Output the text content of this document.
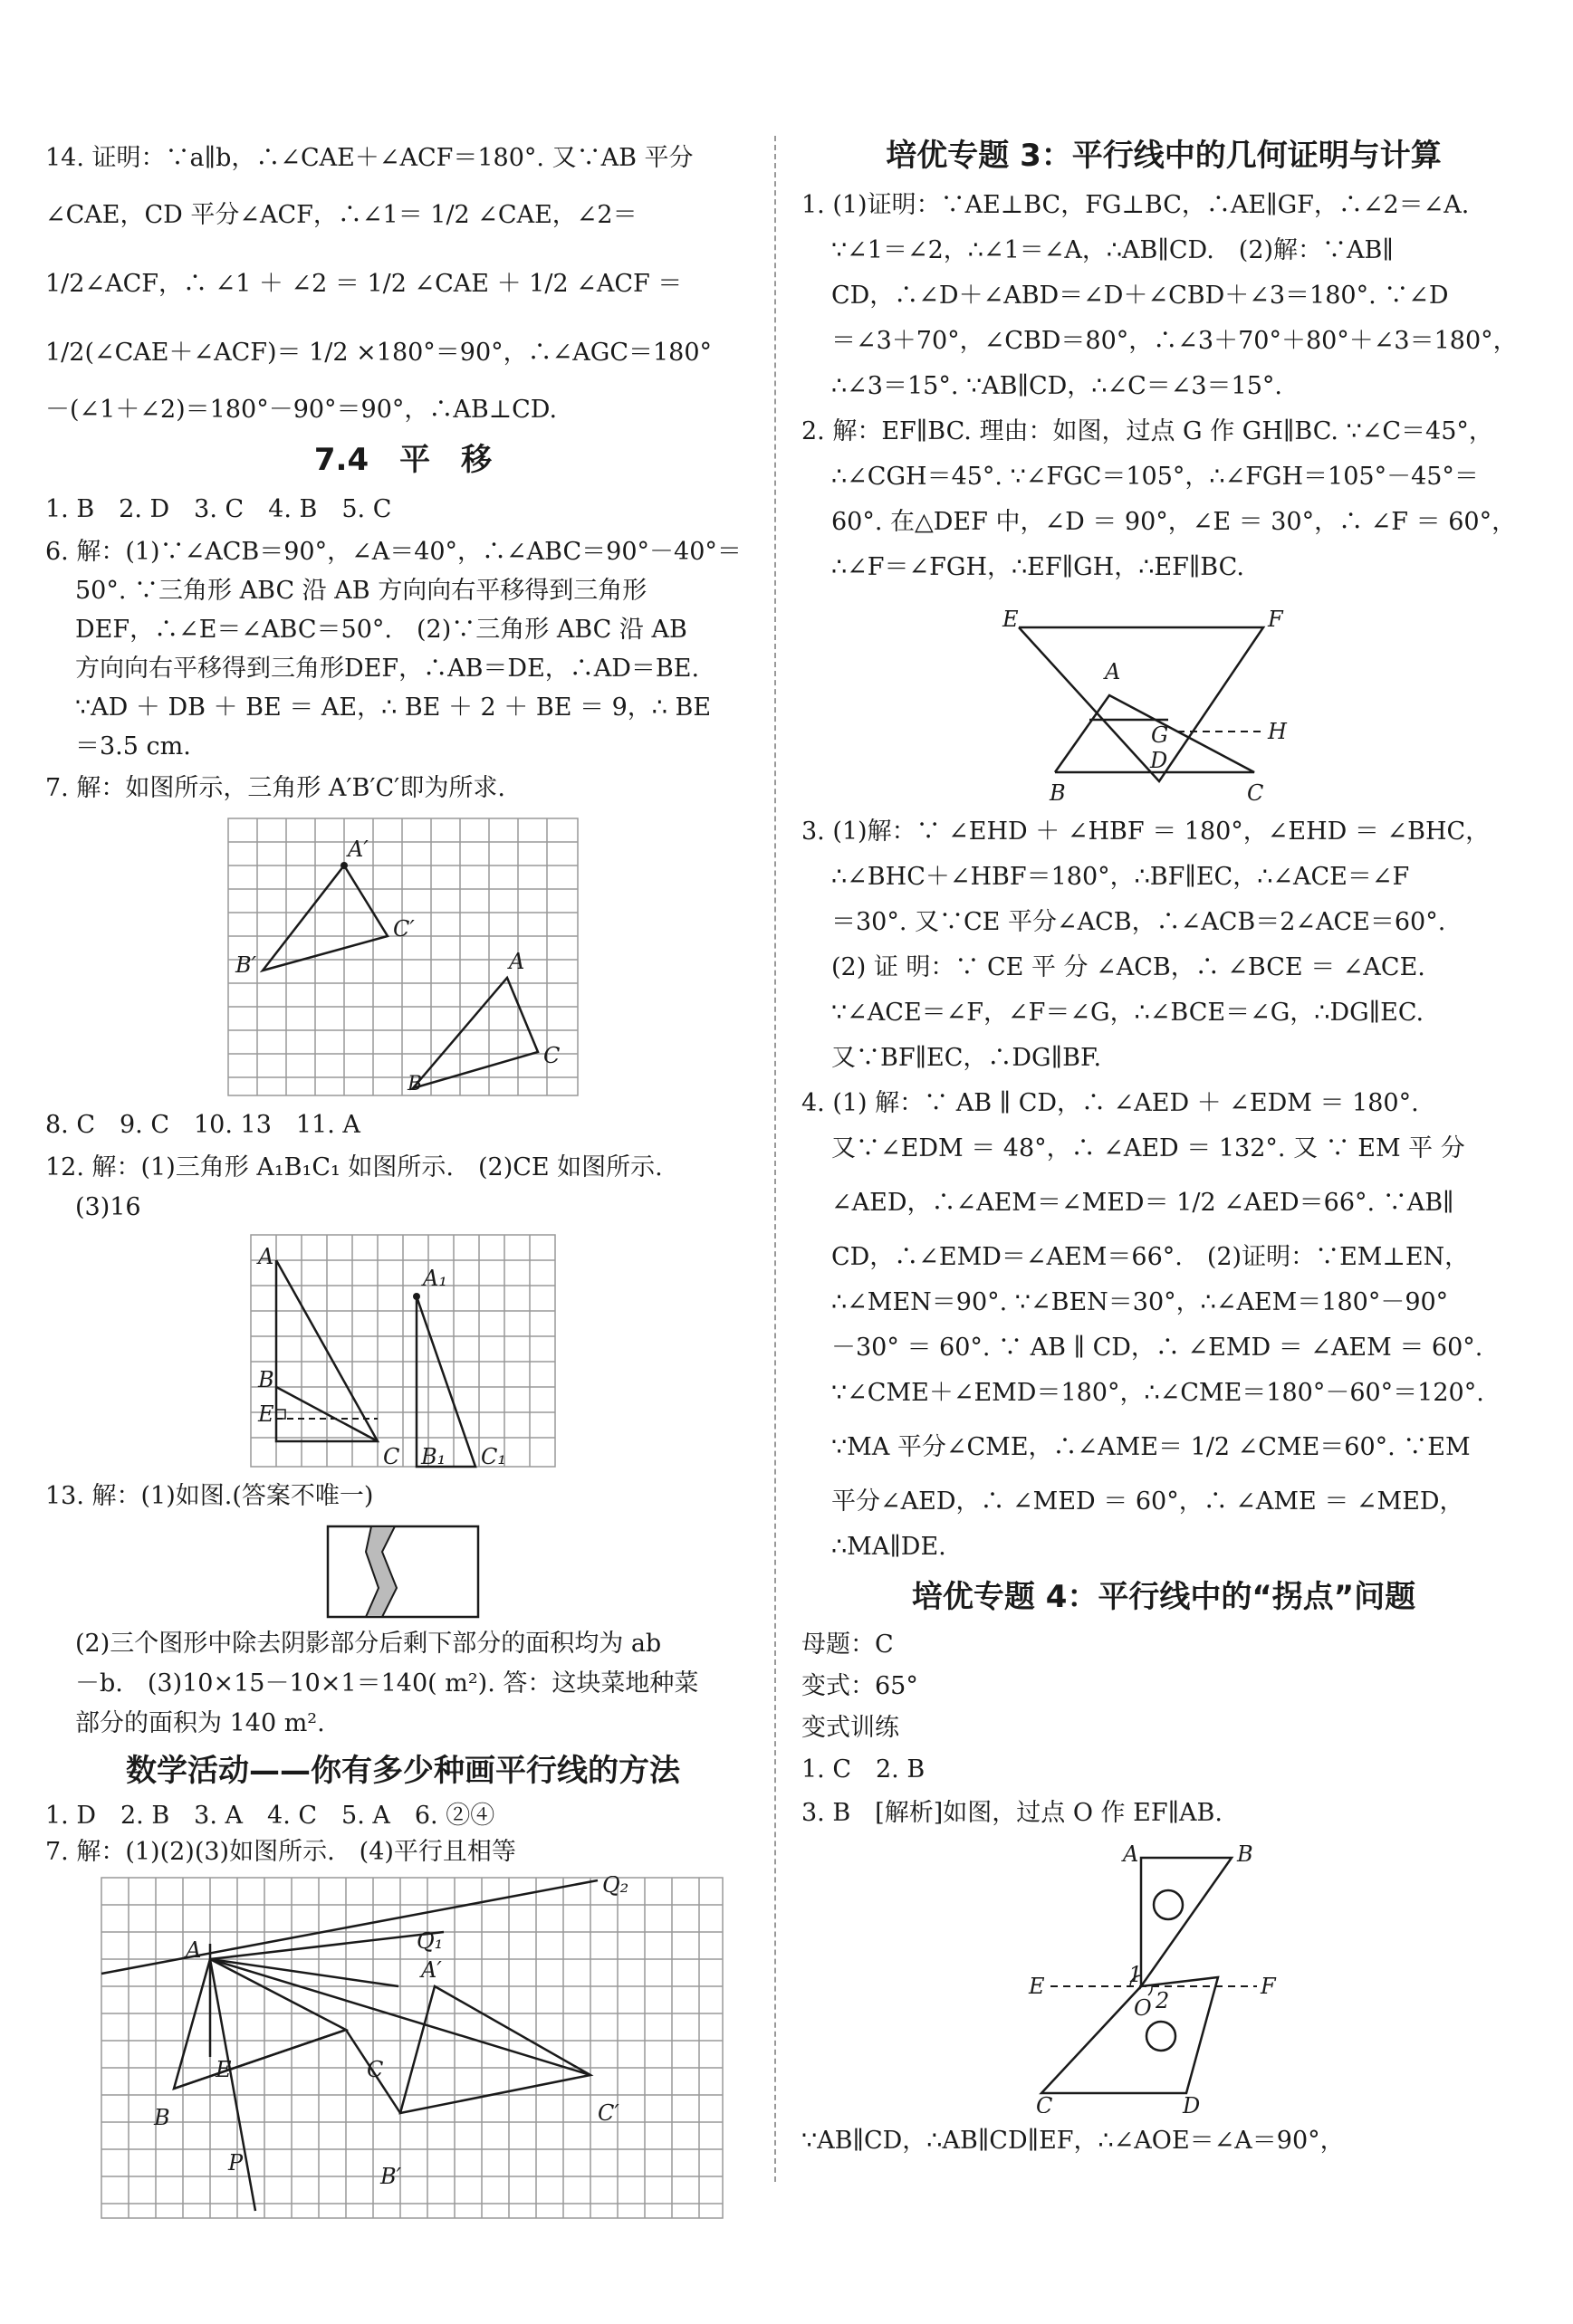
14. 证明：∵a∥b，∴∠CAE＋∠ACF＝180°. 又∵AB 平分

∠CAE，CD 平分∠ACF，∴∠1＝ 1/2 ∠CAE，∠2＝

1/2∠ACF，∴ ∠1 ＋ ∠2 ＝ 1/2 ∠CAE ＋ 1/2 ∠ACF ＝

1/2(∠CAE＋∠ACF)＝ 1/2 ×180°＝90°，∴∠AGC＝180°

－(∠1＋∠2)＝180°－90°＝90°，∴AB⊥CD.

7.4　平　移

1. B　2. D　3. C　4. B　5. C

6. 解：(1)∵∠ACB＝90°，∠A＝40°，∴∠ABC＝90°－40°＝

50°. ∵三角形 ABC 沿 AB 方向向右平移得到三角形

DEF，∴∠E＝∠ABC＝50°.　(2)∵三角形 ABC 沿 AB

方向向右平移得到三角形DEF，∴AB＝DE，∴AD＝BE.

∵AD ＋ DB ＋ BE ＝ AE，∴ BE ＋ 2 ＋ BE ＝ 9，∴ BE

＝3.5 cm.

7. 解：如图所示，三角形 A′B′C′即为所求.

A′
C′
B′	A
C
B

8. C　9. C　10. 13　11. A

12. 解：(1)三角形 A₁B₁C₁ 如图所示.　(2)CE 如图所示.

(3)16

A
A₁
B
E
C B₁ C₁

13. 解：(1)如图.(答案不唯一)

(2)三个图形中除去阴影部分后剩下部分的面积均为 ab

－b.　(3)10×15－10×1＝140( m²). 答：这块菜地种菜

部分的面积为 140 m².

数学活动——你有多少种画平行线的方法

1. D　2. B　3. A　4. C　5. A　6. ②④

7. 解：(1)(2)(3)如图所示.　(4)平行且相等

Q₂
A	Q₁
A′
E	C
C′
B
P
B′
培优专题 3：平行线中的几何证明与计算

1. (1)证明：∵AE⊥BC，FG⊥BC，∴AE∥GF，∴∠2＝∠A.

∵∠1＝∠2，∴∠1＝∠A，∴AB∥CD.　(2)解：∵AB∥

CD，∴∠D＋∠ABD＝∠D＋∠CBD＋∠3＝180°. ∵∠D

＝∠3＋70°，∠CBD＝80°，∴∠3＋70°＋80°＋∠3＝180°，

∴∠3＝15°. ∵AB∥CD，∴∠C＝∠3＝15°.

2. 解：EF∥BC. 理由：如图，过点 G 作 GH∥BC. ∵∠C＝45°，

∴∠CGH＝45°. ∵∠FGC＝105°，∴∠FGH＝105°－45°＝

60°. 在△DEF 中，∠D ＝ 90°，∠E ＝ 30°，∴ ∠F ＝ 60°，

∴∠F＝∠FGH，∴EF∥GH，∴EF∥BC.

E	F
A
G	H
D
B	C

3. (1)解：∵ ∠EHD ＋ ∠HBF ＝ 180°，∠EHD ＝ ∠BHC，

∴∠BHC＋∠HBF＝180°，∴BF∥EC，∴∠ACE＝∠F

＝30°. 又∵CE 平分∠ACB，∴∠ACB＝2∠ACE＝60°.

(2) 证 明：∵ CE 平 分 ∠ACB，∴ ∠BCE ＝ ∠ACE.

∵∠ACE＝∠F，∠F＝∠G，∴∠BCE＝∠G，∴DG∥EC.

又∵BF∥EC，∴DG∥BF.

4. (1) 解：∵ AB ∥ CD，∴ ∠AED ＋ ∠EDM ＝ 180°.

又∵∠EDM ＝ 48°，∴ ∠AED ＝ 132°. 又 ∵ EM 平 分

∠AED，∴∠AEM＝∠MED＝ 1/2 ∠AED＝66°. ∵AB∥

CD，∴∠EMD＝∠AEM＝66°.　(2)证明：∵EM⊥EN，

∴∠MEN＝90°. ∵∠BEN＝30°，∴∠AEM＝180°－90°

－30° ＝ 60°. ∵ AB ∥ CD，∴ ∠EMD ＝ ∠AEM ＝ 60°.

∵∠CME＋∠EMD＝180°，∴∠CME＝180°－60°＝120°.

∵MA 平分∠CME，∴∠AME＝ 1/2 ∠CME＝60°. ∵EM

平分∠AED，∴ ∠MED ＝ 60°，∴ ∠AME ＝ ∠MED，

∴MA∥DE.

培优专题 4：平行线中的“拐点”问题

母题：C

变式：65°

变式训练

1. C　2. B

3. B　[解析]如图，过点 O 作 EF∥AB.

A	B
E	1	F
O 2
C	D

∵AB∥CD，∴AB∥CD∥EF，∴∠AOE＝∠A＝90°，
